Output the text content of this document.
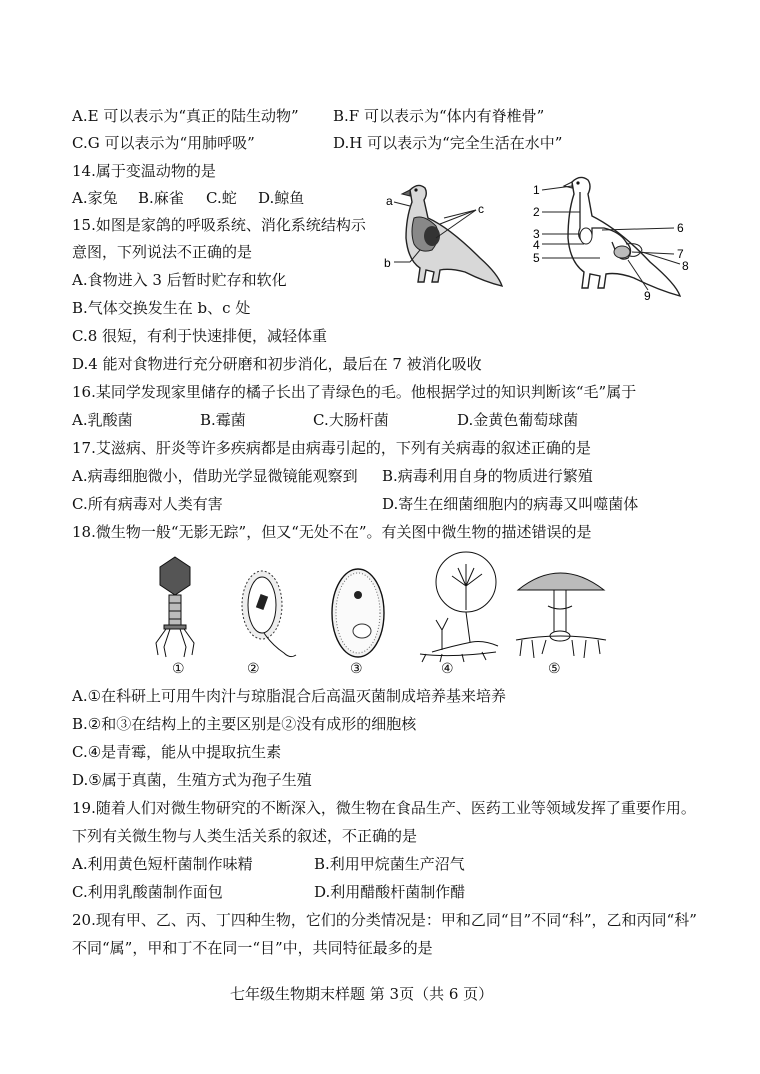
A.E 可以表示为“真正的陆生动物” B.F 可以表示为“体内有脊椎骨”
C.G 可以表示为“用肺呼吸”	D.H 可以表示为“完全生活在水中”
14.属于变温动物的是
A.家兔 B.麻雀 C.蛇 D.鲸鱼
15.如图是家鸽的呼吸系统、消化系统结构示
意图，下列说法不正确的是
A.食物进入 3 后暂时贮存和软化
B.气体交换发生在 b、c 处
C.8 很短，有利于快速排便，减轻体重
D.4 能对食物进行充分研磨和初步消化，最后在 7 被消化吸收
a
b
c
1
2
3
4
5
6
7
8
9
16.某同学发现家里储存的橘子长出了青绿色的毛。他根据学过的知识判断该“毛”属于
A.乳酸菌	B.霉菌	C.大肠杆菌	D.金黄色葡萄球菌
17.艾滋病、肝炎等许多疾病都是由病毒引起的，下列有关病毒的叙述正确的是
A.病毒细胞微小，借助光学显微镜能观察到 B.病毒利用自身的物质进行繁殖
C.所有病毒对人类有害	D.寄生在细菌细胞内的病毒又叫噬菌体
18.微生物一般“无影无踪”，但又“无处不在”。有关图中微生物的描述错误的是
①	②	③	④	⑤
A.①在科研上可用牛肉汁与琼脂混合后高温灭菌制成培养基来培养
B.②和③在结构上的主要区别是②没有成形的细胞核
C.④是青霉，能从中提取抗生素
D.⑤属于真菌，生殖方式为孢子生殖
19.随着人们对微生物研究的不断深入，微生物在食品生产、医药工业等领域发挥了重要作用。
下列有关微生物与人类生活关系的叙述，不正确的是
A.利用黄色短杆菌制作味精	B.利用甲烷菌生产沼气
C.利用乳酸菌制作面包	D.利用醋酸杆菌制作醋
20.现有甲、乙、丙、丁四种生物，它们的分类情况是：甲和乙同“目”不同“科”，乙和丙同“科”
不同“属”，甲和丁不在同一“目”中，共同特征最多的是
七年级生物期末样题 第 3页（共 6 页）
